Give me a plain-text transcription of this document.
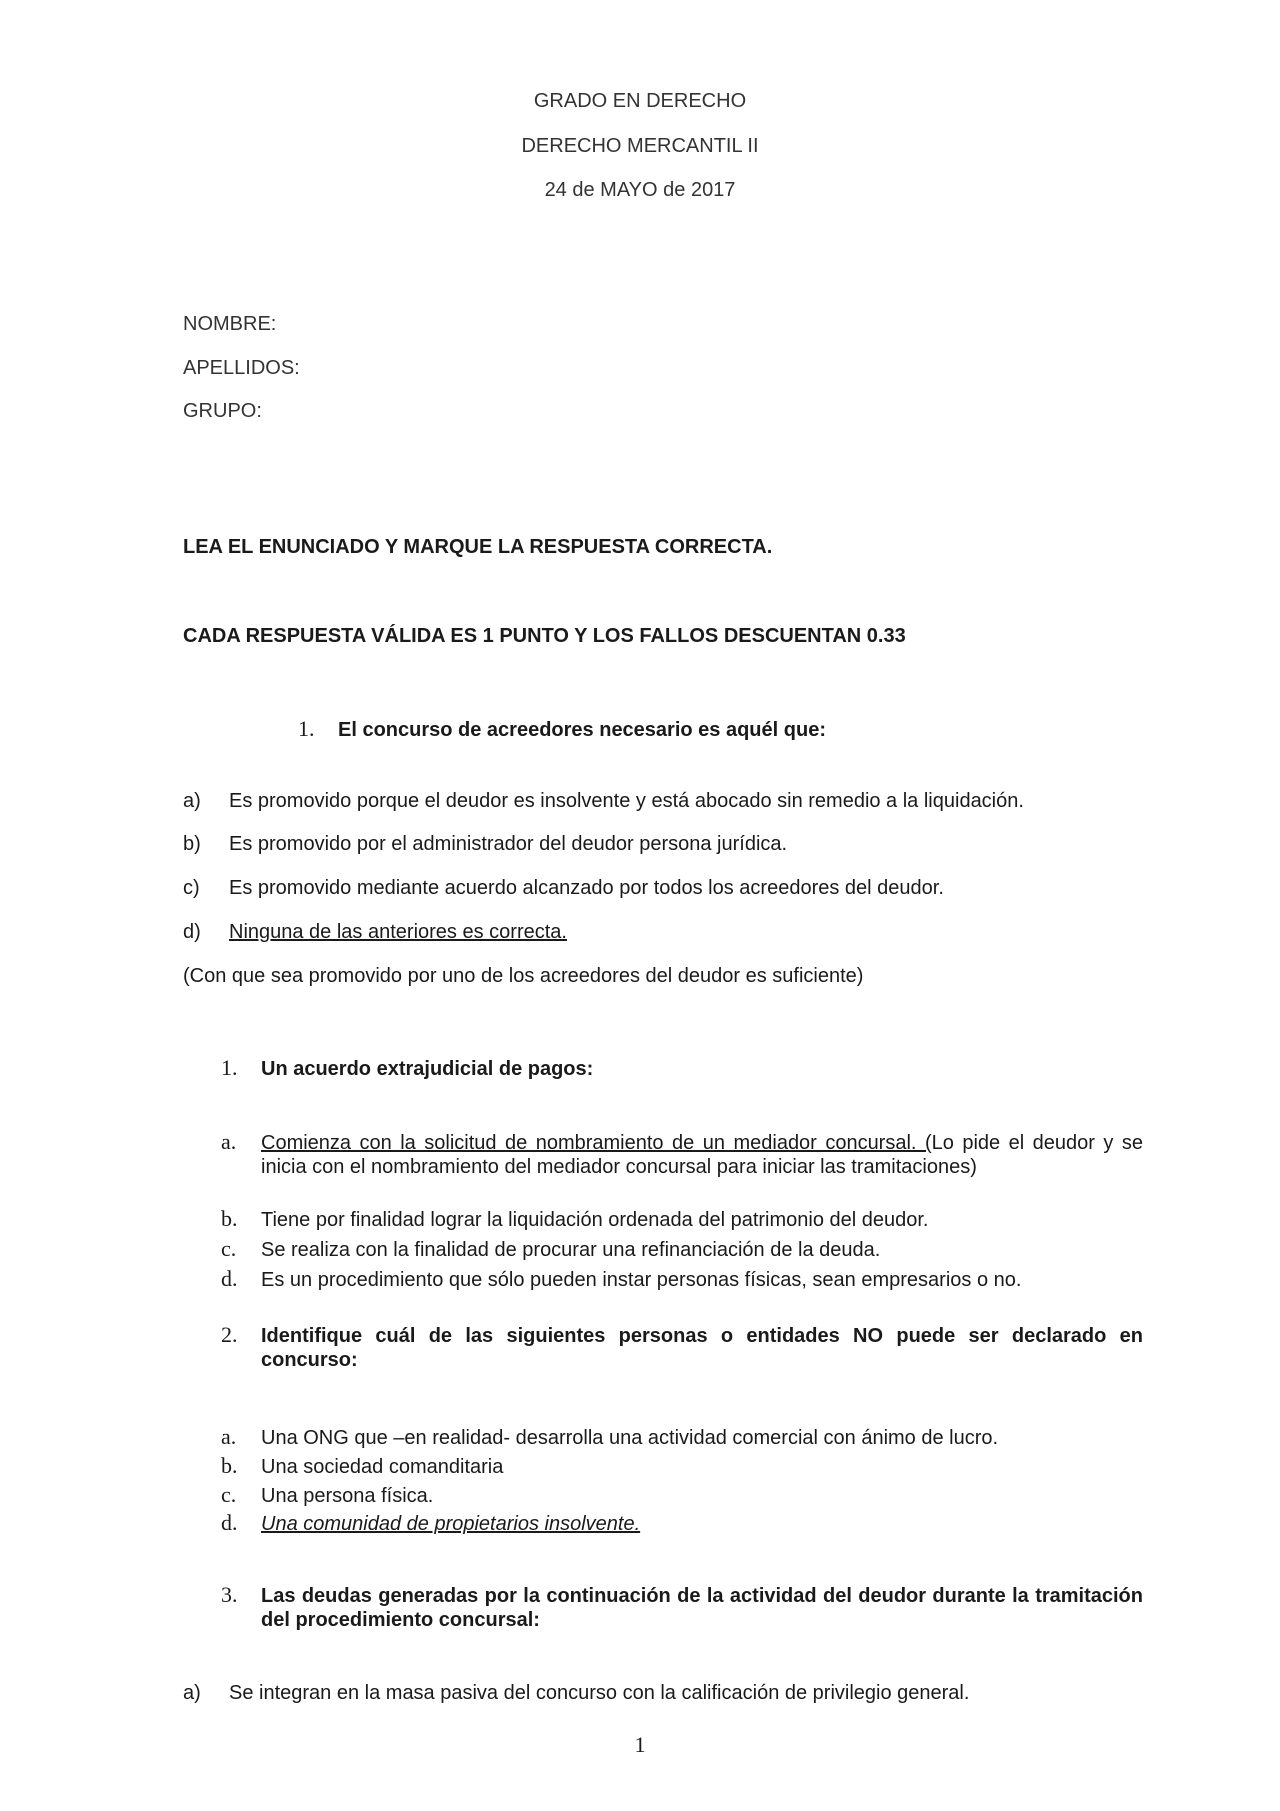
GRADO EN DERECHO
DERECHO MERCANTIL II
24 de MAYO de 2017
NOMBRE:
APELLIDOS:
GRUPO:
LEA EL ENUNCIADO Y MARQUE LA RESPUESTA CORRECTA.
CADA RESPUESTA VÁLIDA ES 1 PUNTO Y LOS FALLOS DESCUENTAN 0.33
1. El concurso de acreedores necesario es aquél que:
a) Es promovido porque el deudor es insolvente y está abocado sin remedio a la liquidación.
b) Es promovido por el administrador del deudor persona jurídica.
c) Es promovido mediante acuerdo alcanzado por todos los acreedores del deudor.
d) Ninguna de las anteriores es correcta.
(Con que sea promovido por uno de los acreedores del deudor es suficiente)
1. Un acuerdo extrajudicial de pagos:
a. Comienza con la solicitud de nombramiento de un mediador concursal. (Lo pide el deudor y se inicia con el nombramiento del mediador concursal para iniciar las tramitaciones)
b. Tiene por finalidad lograr la liquidación ordenada del patrimonio del deudor.
c. Se realiza con la finalidad de procurar una refinanciación de la deuda.
d. Es un procedimiento que sólo pueden instar personas físicas, sean empresarios o no.
2. Identifique cuál de las siguientes personas o entidades NO puede ser declarado en concurso:
a. Una ONG que –en realidad- desarrolla una actividad comercial con ánimo de lucro.
b. Una sociedad comanditaria
c. Una persona física.
d. Una comunidad de propietarios insolvente.
3. Las deudas generadas por la continuación de la actividad del deudor durante la tramitación del procedimiento concursal:
a) Se integran en la masa pasiva del concurso con la calificación de privilegio general.
1
